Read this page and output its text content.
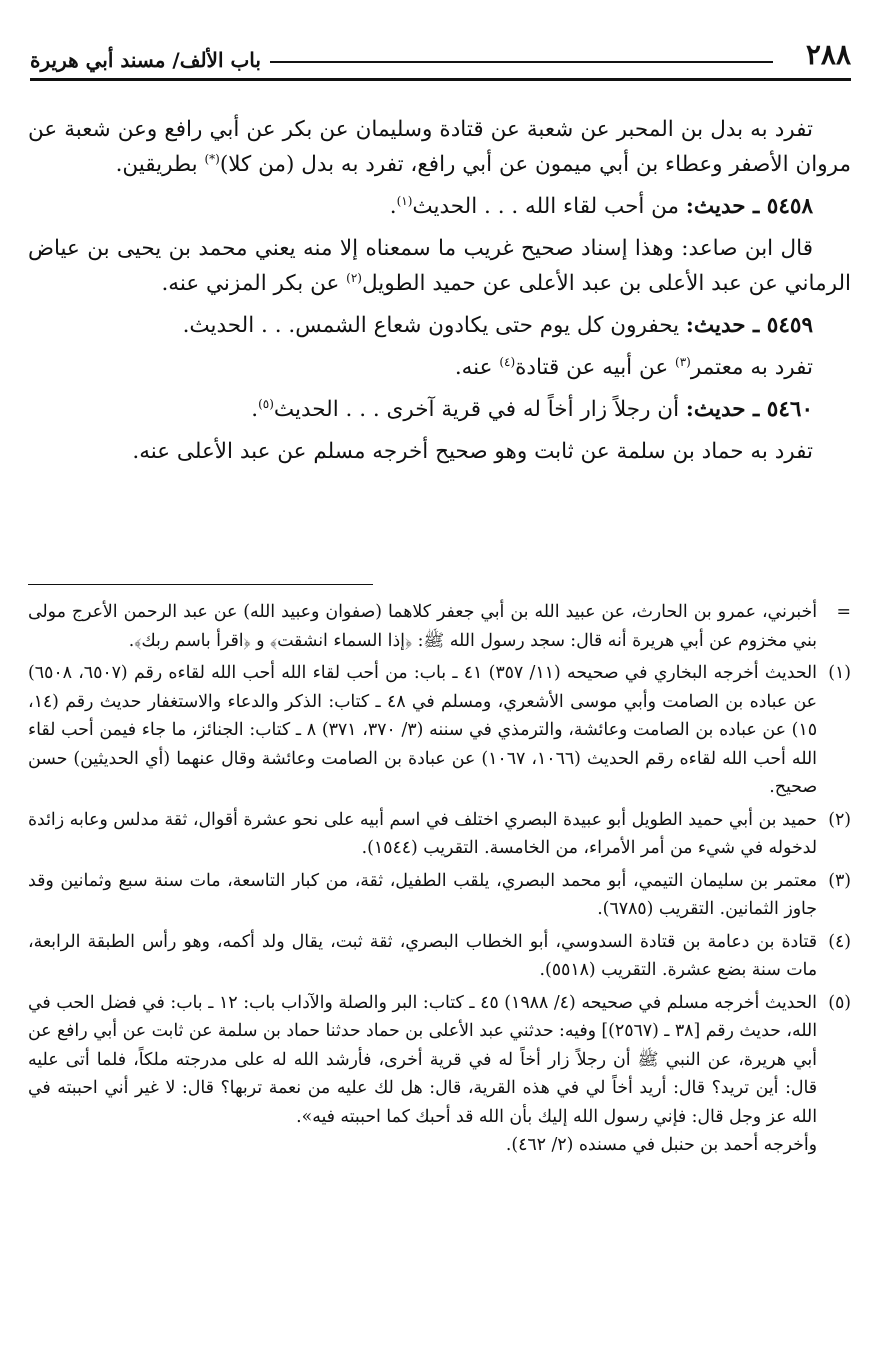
٢٨٨
باب الألف/ مسند أبي هريرة

تفرد به بدل بن المحبر عن شعبة عن قتادة وسليمان عن بكر عن أبي رافع وعن شعبة عن مروان الأصفر وعطاء بن أبي ميمون عن أبي رافع، تفرد به بدل (من كلا)(*) بطريقين.

٥٤٥٨ ـ حديث: من أحب لقاء الله . . . الحديث$^{(١)}$.

قال ابن صاعد: وهذا إسناد صحيح غريب ما سمعناه إلا منه يعني محمد بن يحيى بن عياض الرماني عن عبد الأعلى بن عبد الأعلى عن حميد الطويل$^{(٢)}$ عن بكر المزني عنه.

٥٤٥٩ ـ حديث: يحفرون كل يوم حتى يكادون شعاع الشمس. . . الحديث.

تفرد به معتمر$^{(٣)}$ عن أبيه عن قتادة$^{(٤)}$ عنه.

٥٤٦٠ ـ حديث: أن رجلاً زار أخاً له في قرية آخرى . . . الحديث$^{(٥)}$.

تفرد به حماد بن سلمة عن ثابت وهو صحيح أخرجه مسلم عن عبد الأعلى عنه.

=

أخبرني، عمرو بن الحارث، عن عبيد الله بن أبي جعفر كلاهما (صفوان وعبيد الله) عن عبد الرحمن الأعرج مولى بني مخزوم عن أبي هريرة أنه قال: سجد رسول الله ﷺ: ﴿إذا السماء انشقت﴾ و ﴿اقرأ باسم ربك﴾.

(١)

الحديث أخرجه البخاري في صحيحه (١١/ ٣٥٧) ٤١ ـ باب: من أحب لقاء الله أحب الله لقاءه رقم (٦٥٠٧، ٦٥٠٨) عن عباده بن الصامت وأبي موسى الأشعري، ومسلم في ٤٨ ـ كتاب: الذكر والدعاء والاستغفار حديث رقم (١٤، ١٥) عن عباده بن الصامت وعائشة، والترمذي في سننه (٣/ ٣٧٠، ٣٧١) ٨ ـ كتاب: الجنائز، ما جاء فيمن أحب لقاء الله أحب الله لقاءه رقم الحديث (١٠٦٦، ١٠٦٧) عن عبادة بن الصامت وعائشة وقال عنهما (أي الحديثين) حسن صحيح.

(٢)

حميد بن أبي حميد الطويل أبو عبيدة البصري اختلف في اسم أبيه على نحو عشرة أقوال، ثقة مدلس وعابه زائدة لدخوله في شيء من أمر الأمراء، من الخامسة. التقريب (١٥٤٤).

(٣)

معتمر بن سليمان التيمي، أبو محمد البصري، يلقب الطفيل، ثقة، من كبار التاسعة، مات سنة سبع وثمانين وقد جاوز الثمانين. التقريب (٦٧٨٥).

(٤)

قتادة بن دعامة بن قتادة السدوسي، أبو الخطاب البصري، ثقة ثبت، يقال ولد أكمه، وهو رأس الطبقة الرابعة، مات سنة بضع عشرة. التقريب (٥٥١٨).

(٥)

الحديث أخرجه مسلم في صحيحه (٤/ ١٩٨٨) ٤٥ ـ كتاب: البر والصلة والآداب باب: ١٢ ـ باب: في فضل الحب في الله، حديث رقم [٣٨ ـ (٢٥٦٧)] وفيه: حدثني عبد الأعلى بن حماد حدثنا حماد بن سلمة عن ثابت عن أبي رافع عن أبي هريرة، عن النبي ﷺ أن رجلاً زار أخاً له في قرية أخرى، فأرشد الله له على مدرجته ملكاً، فلما أتى عليه قال: أين تريد؟ قال: أريد أخاً لي في هذه القرية، قال: هل لك عليه من نعمة تربها؟ قال: لا غير أني احببته في الله عز وجل قال: فإني رسول الله إليك بأن الله قد أحبك كما احببته فيه».

وأخرجه أحمد بن حنبل في مسنده (٢/ ٤٦٢).
